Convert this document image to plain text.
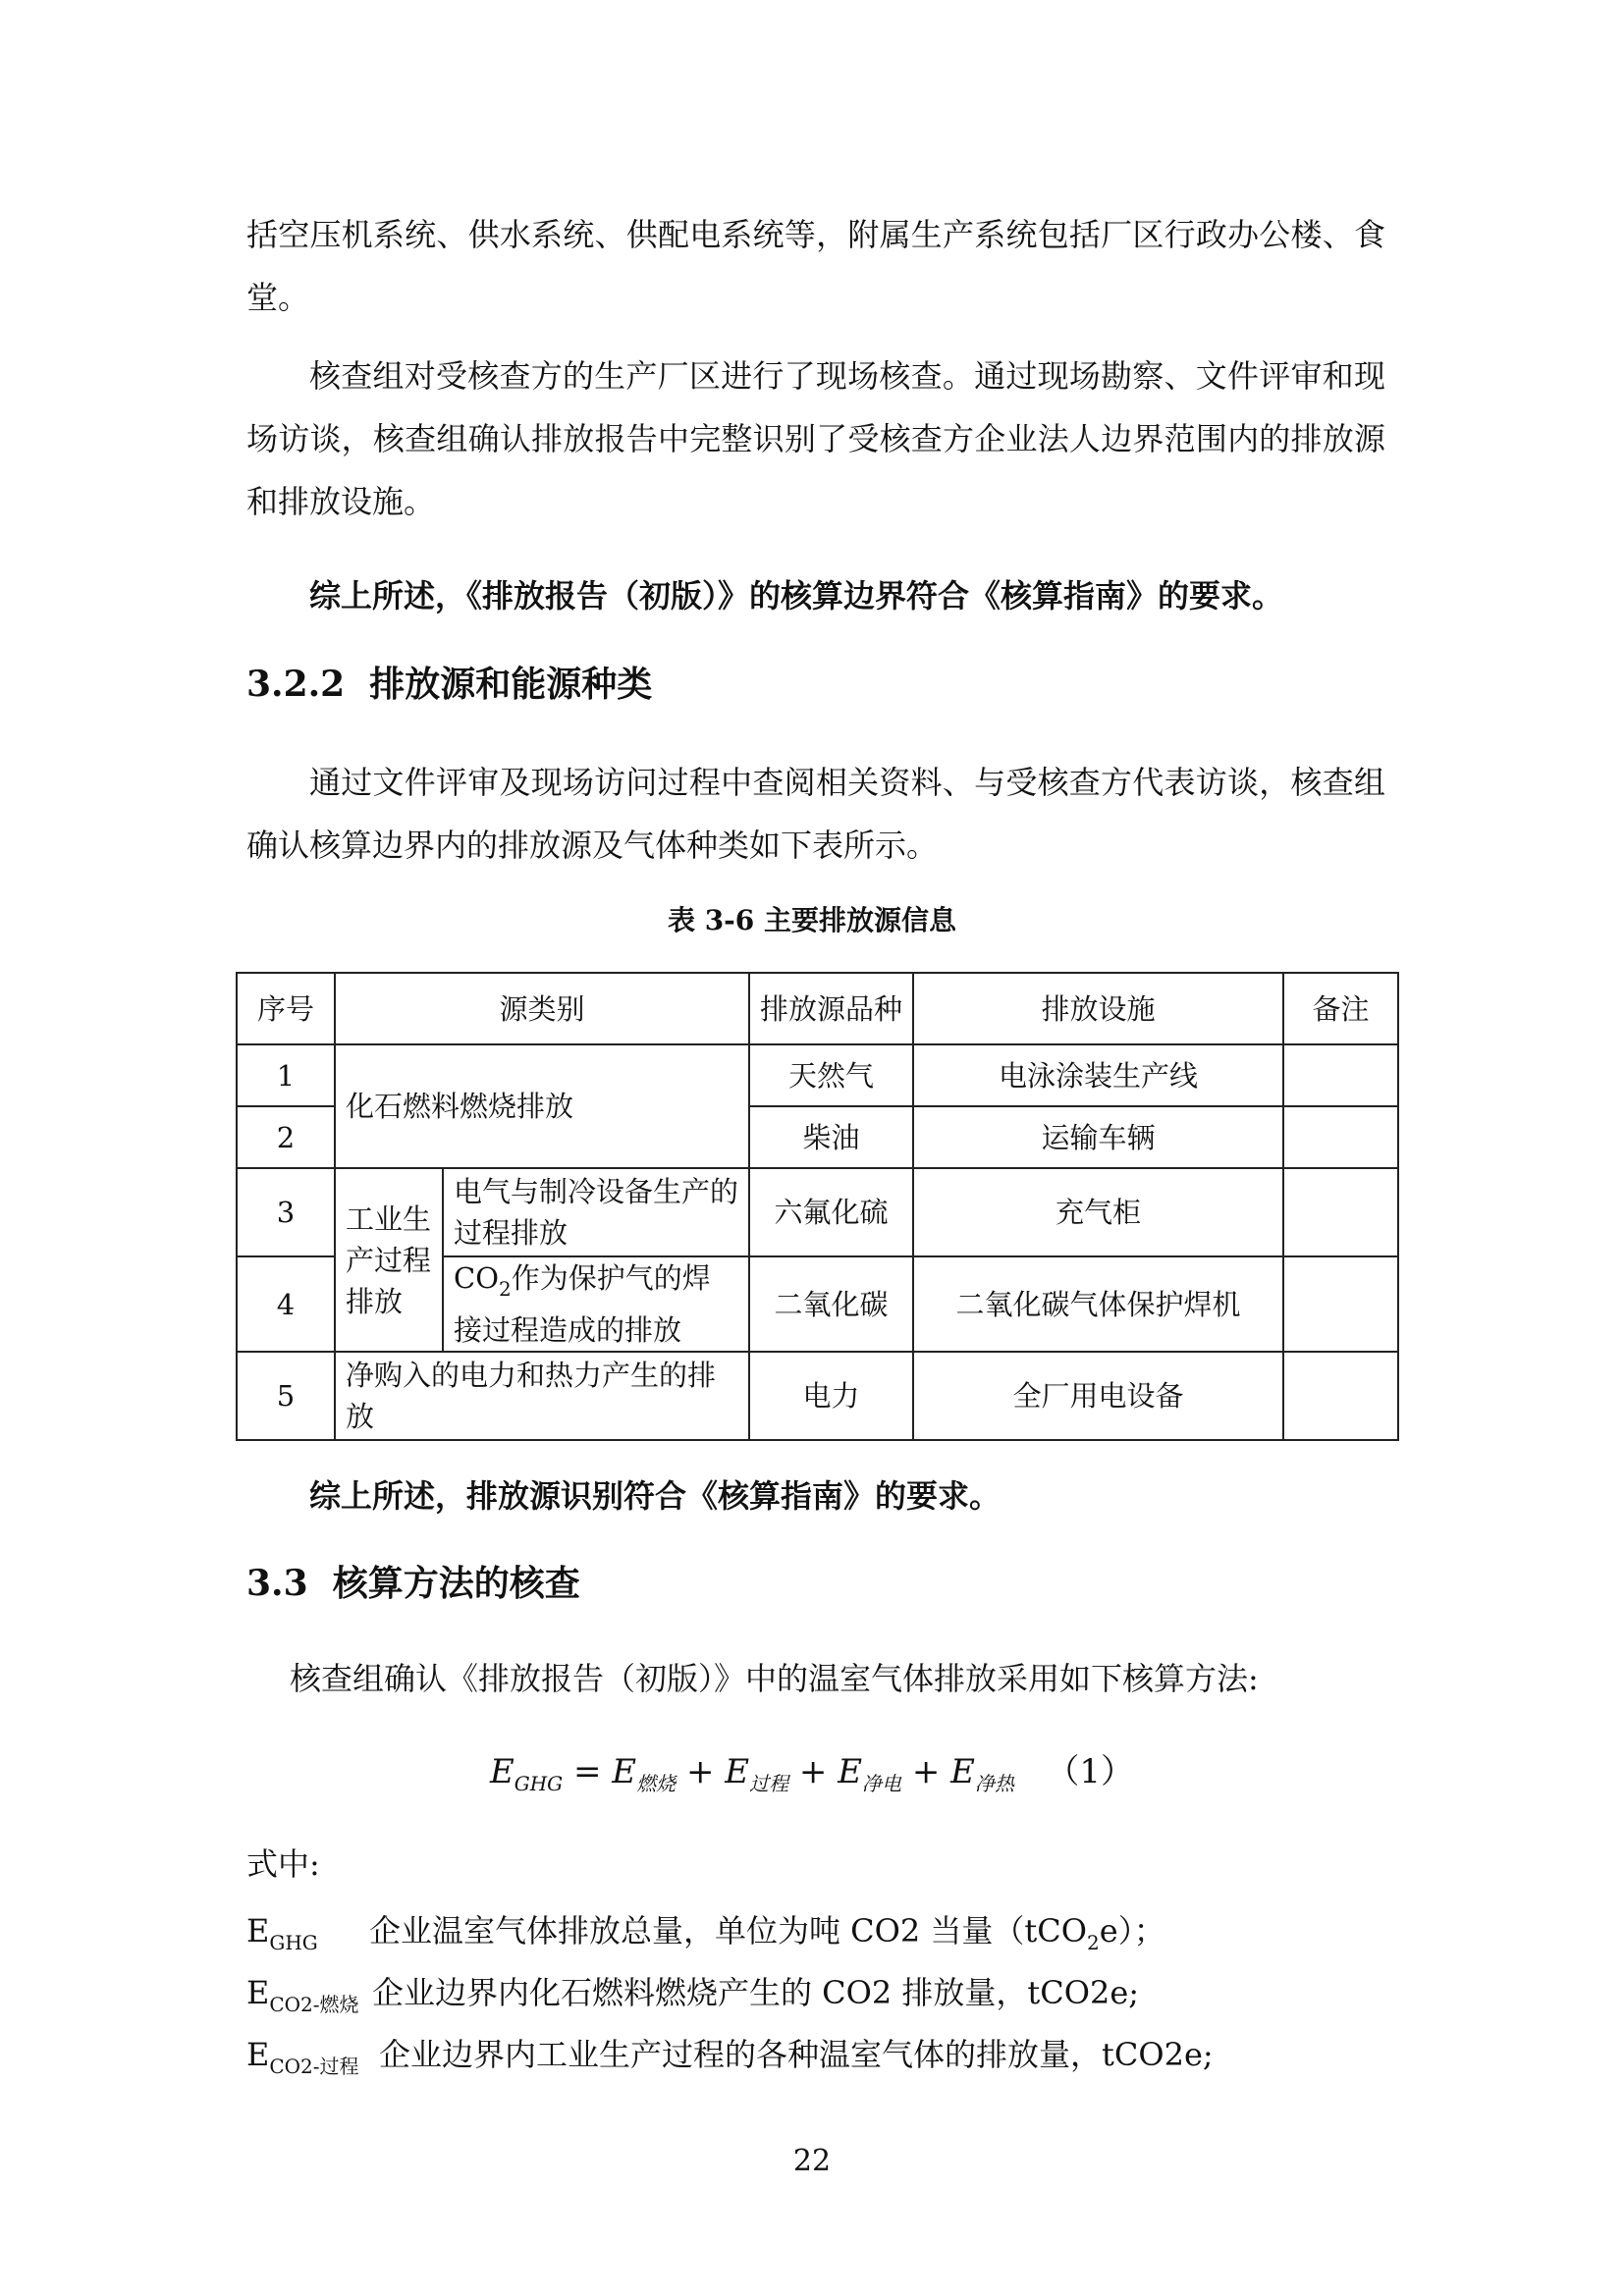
括空压机系统、供水系统、供配电系统等，附属生产系统包括厂区行政办公楼、食堂。

核查组对受核查方的生产厂区进行了现场核查。通过现场勘察、文件评审和现场访谈，核查组确认排放报告中完整识别了受核查方企业法人边界范围内的排放源和排放设施。

综上所述，《排放报告（初版）》的核算边界符合《核算指南》的要求。

3.2.2 排放源和能源种类

通过文件评审及现场访问过程中查阅相关资料、与受核查方代表访谈，核查组确认核算边界内的排放源及气体种类如下表所示。

表 3-6 主要排放源信息
序号	源类别		排放源品种	排放设施	备注
1	化石燃料燃烧排放		天然气	电泳涂装生产线	
2			柴油	运输车辆	
3	工业生产过程排放	电气与制冷设备生产的过程排放	六氟化硫	充气柜	
4		$CO_2$作为保护气的焊接过程造成的排放	二氧化碳	二氧化碳气体保护焊机	
5	净购入的电力和热力产生的排放		电力	全厂用电设备	

综上所述，排放源识别符合《核算指南》的要求。

3.3 核算方法的核查

核查组确认《排放报告（初版）》中的温室气体排放采用如下核算方法:

$E_{GHG} = E_{燃烧} + E_{过程} + E_{净电} + E_{净热}$ （1）

式中:

$E_{GHG}$ 企业温室气体排放总量，单位为吨 CO2 当量（tCO$_2$e）；

$E_{CO2-燃烧}$ 企业边界内化石燃料燃烧产生的 CO2 排放量，tCO2e;

$E_{CO2-过程}$ 企业边界内工业生产过程的各种温室气体的排放量，tCO2e;

22
